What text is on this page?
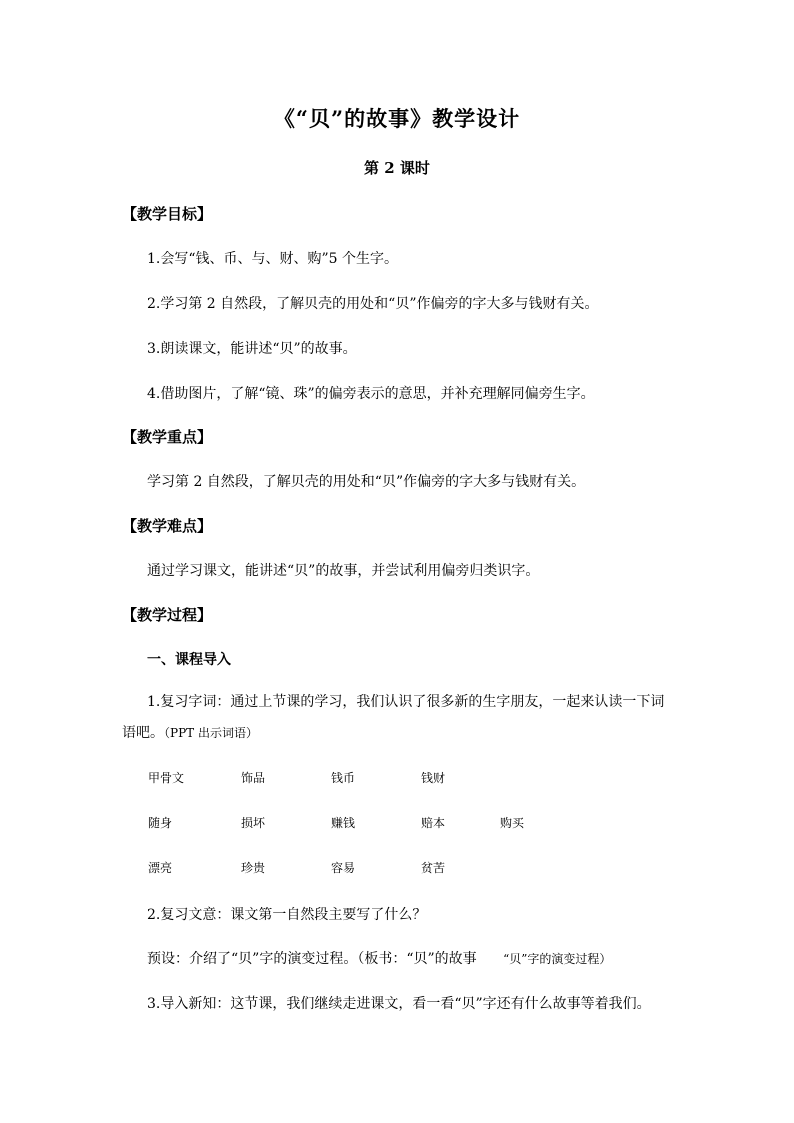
《“贝”的故事》教学设计
第 2 课时
【教学目标】
1.会写“钱、币、与、财、购”5 个生字。
2.学习第 2 自然段，了解贝壳的用处和“贝”作偏旁的字大多与钱财有关。
3.朗读课文，能讲述“贝”的故事。
4.借助图片，了解“镜、珠”的偏旁表示的意思，并补充理解同偏旁生字。
【教学重点】
学习第 2 自然段，了解贝壳的用处和“贝”作偏旁的字大多与钱财有关。
【教学难点】
通过学习课文，能讲述“贝”的故事，并尝试利用偏旁归类识字。
【教学过程】
一、课程导入
1.复习字词：通过上节课的学习，我们认识了很多新的生字朋友，一起来认读一下词语吧。（PPT 出示词语）
甲骨文	饰品	钱币	钱财
随身	损坏	赚钱	赔本	购买
漂亮	珍贵	容易	贫苦
2.复习文意：课文第一自然段主要写了什么？
预设：介绍了“贝”字的演变过程。（板书：“贝”的故事 “贝”字的演变过程）
3.导入新知：这节课，我们继续走进课文，看一看“贝”字还有什么故事等着我们。
